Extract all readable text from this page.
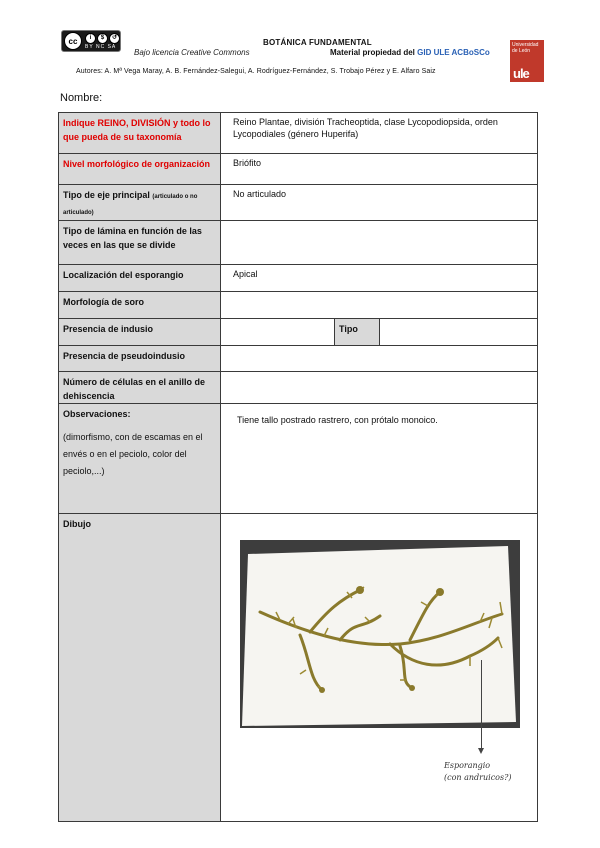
cc	i	$	↺
BY NC SA
Bajo licencia Creative Commons
BOTÁNICA FUNDAMENTAL
Material propiedad del GID ULE ACBoSCo
Autores: A. Mª Vega Maray, A. B. Fernández-Salegui, A. Rodríguez-Fernández, S. Trobajo Pérez y E. Alfaro Saiz
Universidad de León
ule
Nombre:
Indique REINO, DIVISIÓN y todo lo que pueda de su taxonomía	Reino Plantae, división Tracheoptida, clase Lycopodiopsida, orden Lycopodiales (género Huperifa)		
Nivel morfológico de organización	Briófito		
Tipo de eje principal (articulado o no articulado)	No articulado		
Tipo de lámina en función de las veces en las que se divide			
Localización del esporangio	Apical		
Morfología de soro			
Presencia de indusio		Tipo	
Presencia de pseudoindusio			
Número de células en el anillo de dehiscencia			
Observaciones:
(dimorfismo, con de escamas en el envés o en el peciolo, color del peciolo,...)	Tiene tallo postrado rastrero, con prótalo monoico.		
Dibujo			
Esporangio
(con andruicos?)
